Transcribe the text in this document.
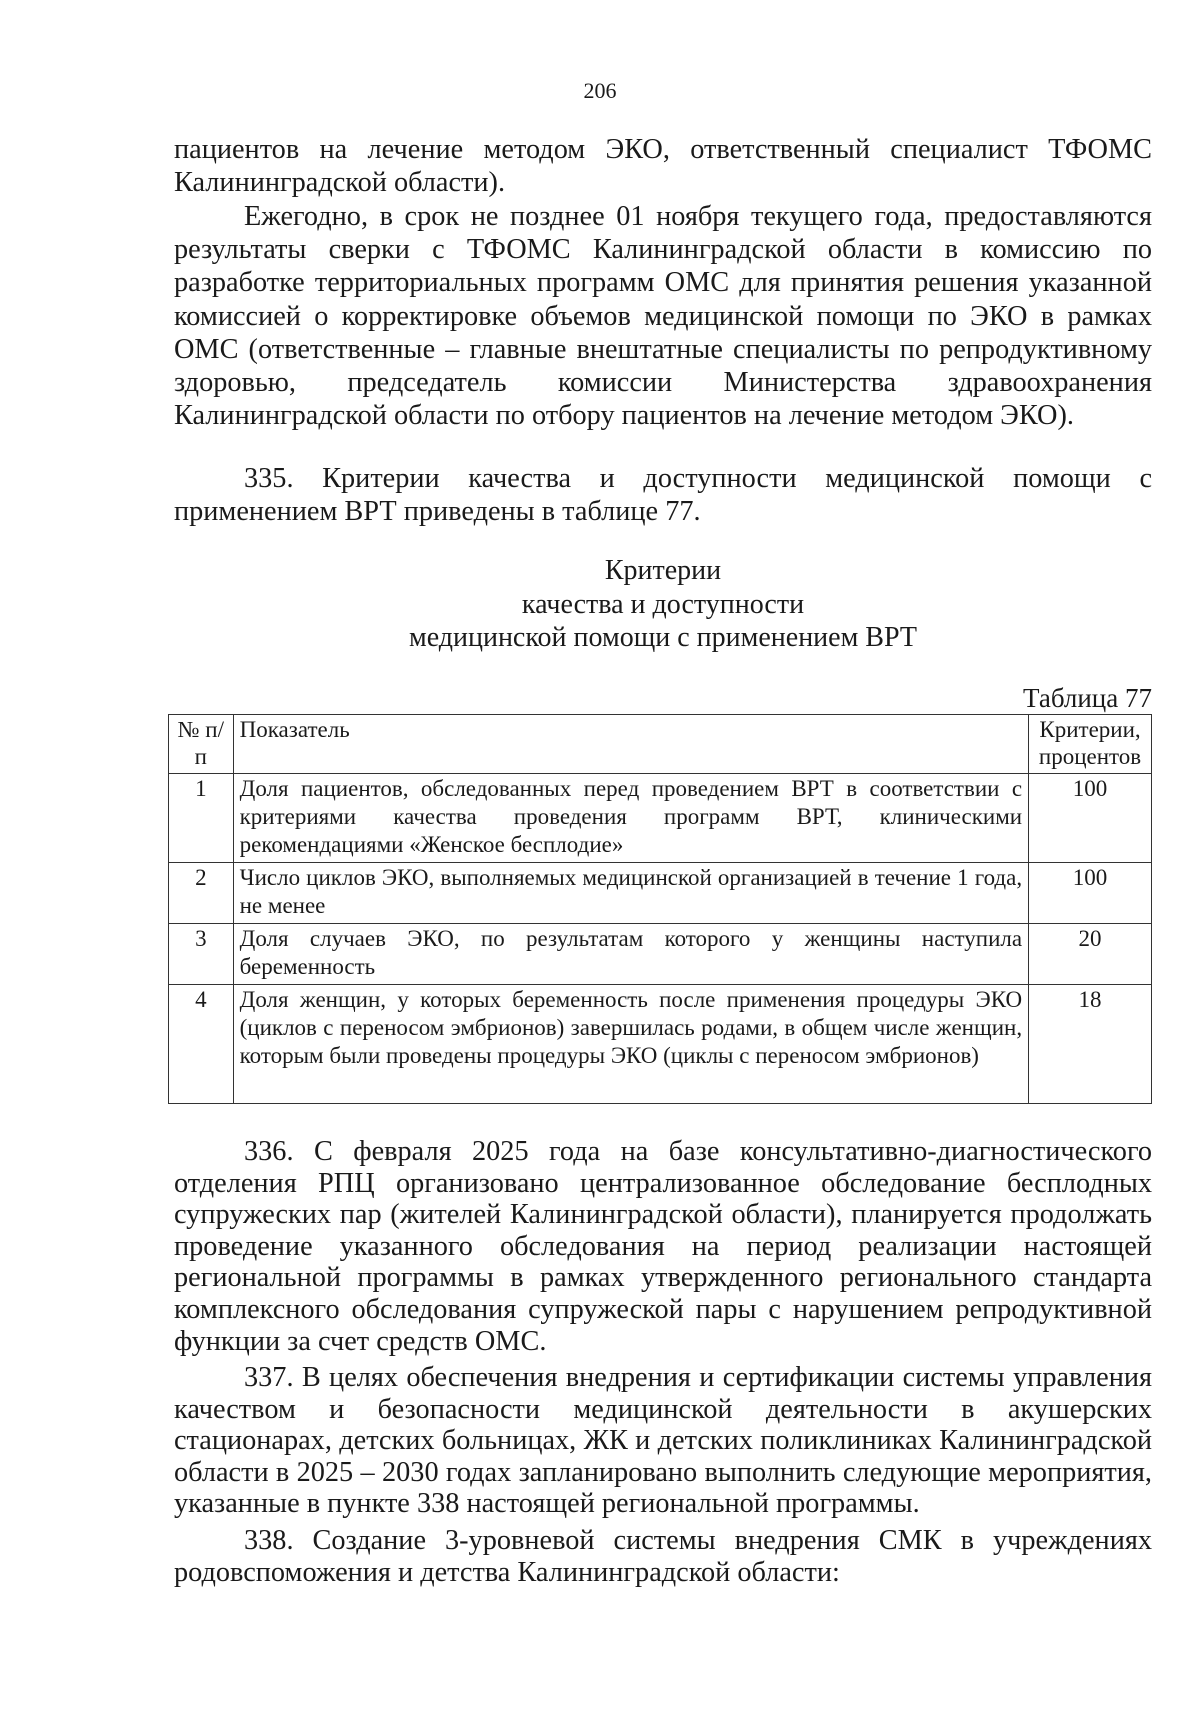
206

пациентов на лечение методом ЭКО, ответственный специалист ТФОМС Калининградской области).

Ежегодно, в срок не позднее 01 ноября текущего года, предоставляются результаты сверки с ТФОМС Калининградской области в комиссию по разработке территориальных программ ОМС для принятия решения указанной комиссией о корректировке объемов медицинской помощи по ЭКО в рамках ОМС (ответственные – главные внештатные специалисты по репродуктивному здоровью, председатель комиссии Министерства здравоохранения Калининградской области по отбору пациентов на лечение методом ЭКО).

335. Критерии качества и доступности медицинской помощи с применением ВРТ приведены в таблице 77.

Критерии
качества и доступности
медицинской помощи с применением ВРТ
Таблица 77
№ п/п	Показатель	Критерии, процентов
1	Доля пациентов, обследованных перед проведением ВРТ в соответствии с критериями качества проведения программ ВРТ, клиническими рекомендациями «Женское бесплодие»	100
2	Число циклов ЭКО, выполняемых медицинской организацией в течение 1 года, не менее	100
3	Доля случаев ЭКО, по результатам которого у женщины наступила беременность	20
4	Доля женщин, у которых беременность после применения процедуры ЭКО (циклов с переносом эмбрионов) завершилась родами, в общем числе женщин, которым были проведены процедуры ЭКО (циклы с переносом эмбрионов)	18

336. С февраля 2025 года на базе консультативно-диагностического отделения РПЦ организовано централизованное обследование бесплодных супружеских пар (жителей Калининградской области), планируется продолжать проведение указанного обследования на период реализации настоящей региональной программы в рамках утвержденного регионального стандарта комплексного обследования супружеской пары с нарушением репродуктивной функции за счет средств ОМС.

337. В целях обеспечения внедрения и сертификации системы управления качеством и безопасности медицинской деятельности в акушерских стационарах, детских больницах, ЖК и детских поликлиниках Калининградской области в 2025 – 2030 годах запланировано выполнить следующие мероприятия, указанные в пункте 338 настоящей региональной программы.

338. Создание 3-уровневой системы внедрения СМК в учреждениях родовспоможения и детства Калининградской области:
